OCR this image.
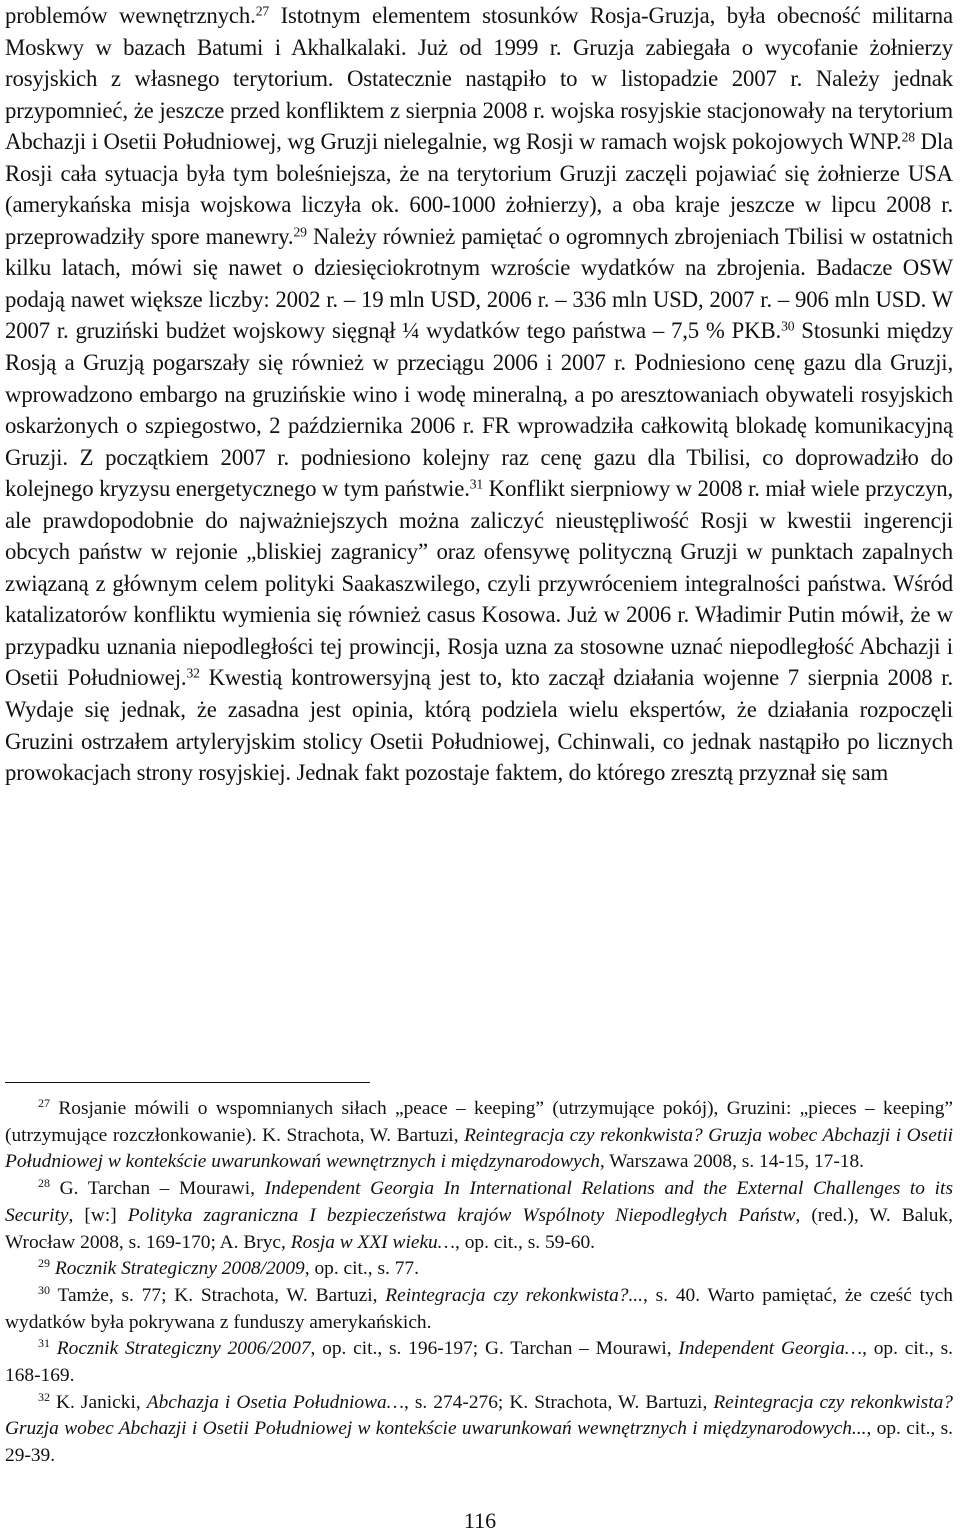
problemów wewnętrznych.$^{27}$ Istotnym elementem stosunków Rosja-Gruzja, była obecność militarna Moskwy w bazach Batumi i Akhalkalaki. Już od 1999 r. Gruzja zabiegała o wycofanie żołnierzy rosyjskich z własnego terytorium. Ostatecznie nastąpiło to w listopadzie 2007 r. Należy jednak przypomnieć, że jeszcze przed konfliktem z sierpnia 2008 r. wojska rosyjskie stacjonowały na terytorium Abchazji i Osetii Południowej, wg Gruzji nielegalnie, wg Rosji w ramach wojsk pokojowych WNP.$^{28}$ Dla Rosji cała sytuacja była tym boleśniejsza, że na terytorium Gruzji zaczęli pojawiać się żołnierze USA (amerykańska misja wojskowa liczyła ok. 600-1000 żołnierzy), a oba kraje jeszcze w lipcu 2008 r. przeprowadziły spore manewry.$^{29}$ Należy również pamiętać o ogromnych zbrojeniach Tbilisi w ostatnich kilku latach, mówi się nawet o dziesięciokrotnym wzroście wydatków na zbrojenia. Badacze OSW podają nawet większe liczby: 2002 r. – 19 mln USD, 2006 r. – 336 mln USD, 2007 r. – 906 mln USD. W 2007 r. gruziński budżet wojskowy sięgnął ¼ wydatków tego państwa – 7,5 % PKB.$^{30}$ Stosunki między Rosją a Gruzją pogarszały się również w przeciągu 2006 i 2007 r. Podniesiono cenę gazu dla Gruzji, wprowadzono embargo na gruzińskie wino i wodę mineralną, a po aresztowaniach obywateli rosyjskich oskarżonych o szpiegostwo, 2 października 2006 r. FR wprowadziła całkowitą blokadę komunikacyjną Gruzji. Z początkiem 2007 r. podniesiono kolejny raz cenę gazu dla Tbilisi, co doprowadziło do kolejnego kryzysu energetycznego w tym państwie.$^{31}$ Konflikt sierpniowy w 2008 r. miał wiele przyczyn, ale prawdopodobnie do najważniejszych można zaliczyć nieustępliwość Rosji w kwestii ingerencji obcych państw w rejonie „bliskiej zagranicy” oraz ofensywę polityczną Gruzji w punktach zapalnych związaną z głównym celem polityki Saakaszwilego, czyli przywróceniem integralności państwa. Wśród katalizatorów konfliktu wymienia się również casus Kosowa. Już w 2006 r. Władimir Putin mówił, że w przypadku uznania niepodległości tej prowincji, Rosja uzna za stosowne uznać niepodległość Abchazji i Osetii Południowej.$^{32}$ Kwestią kontrowersyjną jest to, kto zaczął działania wojenne 7 sierpnia 2008 r. Wydaje się jednak, że zasadna jest opinia, którą podziela wielu ekspertów, że działania rozpoczęli Gruzini ostrzałem artyleryjskim stolicy Osetii Południowej, Cchinwali, co jednak nastąpiło po licznych prowokacjach strony rosyjskiej. Jednak fakt pozostaje faktem, do którego zresztą przyznał się sam

$^{27}$ Rosjanie mówili o wspomnianych siłach „peace – keeping” (utrzymujące pokój), Gruzini: „pieces – keeping” (utrzymujące rozczłonkowanie). K. Strachota, W. Bartuzi, Reintegracja czy rekonkwista? Gruzja wobec Abchazji i Osetii Południowej w kontekście uwarunkowań wewnętrznych i międzynarodowych, Warszawa 2008, s. 14-15, 17-18.

$^{28}$ G. Tarchan – Mourawi, Independent Georgia In International Relations and the External Challenges to its Security, [w:] Polityka zagraniczna I bezpieczeństwa krajów Wspólnoty Niepodległych Państw, (red.), W. Baluk, Wrocław 2008, s. 169-170; A. Bryc, Rosja w XXI wieku…, op. cit., s. 59-60.

$^{29}$ Rocznik Strategiczny 2008/2009, op. cit., s. 77.

$^{30}$ Tamże, s. 77; K. Strachota, W. Bartuzi, Reintegracja czy rekonkwista?..., s. 40. Warto pamiętać, że cześć tych wydatków była pokrywana z funduszy amerykańskich.

$^{31}$ Rocznik Strategiczny 2006/2007, op. cit., s. 196-197; G. Tarchan – Mourawi, Independent Georgia…, op. cit., s. 168-169.

$^{32}$ K. Janicki, Abchazja i Osetia Południowa…, s. 274-276; K. Strachota, W. Bartuzi, Reintegracja czy rekonkwista? Gruzja wobec Abchazji i Osetii Południowej w kontekście uwarunkowań wewnętrznych i międzynarodowych..., op. cit., s. 29-39.

116
